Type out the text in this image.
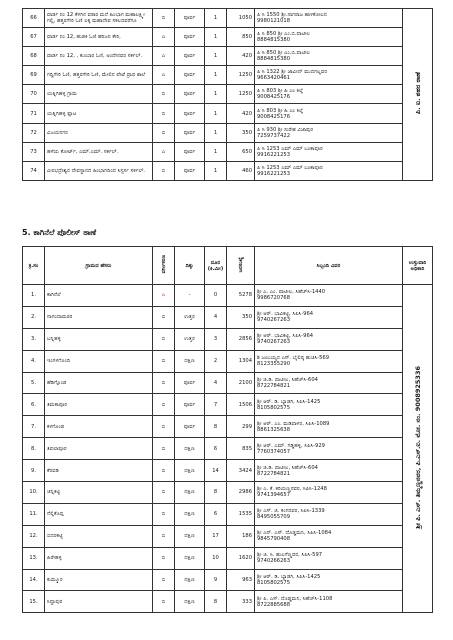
66	ವಾರ್ಡ ನಂ 12 ಕೆಳಗಿನ ವಠಾರ ಮನೆ ಹಿಂಭಾಗ ಮಹಾಲಕ್ಷ್ಮೀ ಗಲ್ಲಿ, ಹತ್ತರಗೇರಿ ಓಣಿ ಲಕ್ಕ ಮಹಾದೇವ ಸಕಲದವರೆಗೂ	ಬಿ	ಪೂರ್ವ	1	1050	ಪಿ ಸಿ 1550 ಶ್ರೀ.ನಾಗರಾಜ ಹಾಳಕೋಲದ
9980121018	ಪಿ. ಐ. ಶಹರ ಠಾಣೆ
67	ವಾರ್ಡ ನಂ 12, ಹುಡಕಿ ಓಣಿ ಹರಿಜನ ಕೇರಿ,	ಎ	ಪೂರ್ವ	1	850	ಪಿ ಸಿ 850 ಶ್ರೀ ಎಂ.ಬಿ.ಪಾಟೀಲ
8884815380	

68	ವಾರ್ಡ ನಂ 12, , ಕುಂಬಾರ ಓಣಿ, ಅಂದೇನವರ ಸರ್ಕಲ್.	ಎ	ಪೂರ್ವ	1	420	ಪಿ ಸಿ 850 ಶ್ರೀ ಎಂ.ಬಿ.ಪಾಟೀಲ
8884815380	

69	ಗದ್ದಿಗೇರಿ ಓಣಿ, ಹತ್ತರಗೇರಿ ಓಣಿ, ಮೇಲಿನ ಪೇಟೆ ಪ್ರಾಥ ಶಾಲೆ	ಎ	ಪೂರ್ವ	1	1250	ಪಿ ಸಿ 1322 ಶ್ರೀ ಜಾವೀದ್ ಮುದಗಲ್ಲವರ
9663420461	

70	ಯತ್ನಿಗಿಹಳ್ಳಿ ಗ್ರಾಮ	ಬಿ	ಪೂರ್ವ	1	1250	ಪಿ ಸಿ 803 ಶ್ರೀ ಹಿ ಎಂ ಕಿಲ್ಲೆ
9008425176	

71	ಯತ್ನಿಗಿಹಳ್ಳಿ ಪ್ಲಾಟ	ಬಿ	ಪೂರ್ವ	1	420	ಪಿ ಸಿ 803 ಶ್ರೀ ಹಿ ಎಂ ಕಿಲ್ಲೆ
9008425176	

72	ವಿಜಯನಗರ	ಬಿ	ಪೂರ್ವ	1	350	ಪಿ ಸಿ 930 ಶ್ರೀ ಸುರೇಶ ವಿಜಾಪುರ
7259737422	

73	ಹಳೆಯ ಕೋರ್ಟ್, ಎಮ್.ಎಮ್. ಸರ್ಕಲ್.	ಎ	ಪೂರ್ವ	1	650	ಪಿ ಸಿ 1253 ಎಮ್ ಎಮ್ ಬಂಕಾಪೂರ
9916221253	

74	ವೀರಭದ್ರೇಶ್ವರ ದೇವಸ್ಥಾನದ ಹಿಂಭಾಗದಿಂದ ಸಿಸ್ಟರ್ಸ ಸರ್ಕಲ್.	ಬಿ	ಪೂರ್ವ	1	460	ಪಿ ಸಿ 1253 ಎಮ್ ಎಮ್ ಬಂಕಾಪೂರ
9916221253	
5. ಕಾಗಿನೆಲೆ ಪೊಲೀಸ್ ಠಾಣೆ
ಕ್ರ.ಸಂ	ಗ್ರಾಮದ ಹೆಸರು	ವರ್ಗೀಕರಣ	ದಿಕ್ಕು	ದೂರ (ಕಿ.ಮೀ)	ಜನಸಂಖ್ಯೆ	ಸಿಬ್ಬಂದಿ ವಿವರ	ಉಸ್ತುವಾರಿ ಅಧಿಕಾರಿ
1.	ಕಾಗಿನೆಲೆ	ಎ	-	0	5278	ಶ್ರೀ ಎ. ಎಂ. ಪಾಟೀಲ, ಸಿಹೆಚ್‌ಸಿ-1440
9986720768	ಶ್ರೀ ಪಿ. ಎಸ್. ತಿಮ್ಮಣ್ಣನವರ, ಪಿ.ಎಸ್.ಐ. ಮೋ. ನಂ. 9008925336
2.	ನಾಗಂದಾಮಠರ	ಬಿ	ಉತ್ತರ	4	350	ಶ್ರೀ ಆರ್. ಭಾವಿಕಟ್ಟಿ, ಸಿಪಿಸಿ-964
9740267263	

3.	ಬನ್ನಿಹಳ್ಳಿ	ಬಿ	ಉತ್ತರ	3	2856	ಶ್ರೀ ಆರ್. ಭಾವಿಕಟ್ಟಿ, ಸಿಪಿಸಿ-964
9740267263	

4.	ಇಂಗಳಗೊಂದಿ	ಬಿ	ದಕ್ಷಿಣ	2	1304	ಶಿ ಜಂಬಯ್ಯನ ಎಸ್. ಬೈಲಿಷ್ಠ ಹುಚಿಸಿ-569
8123355290	

5.	ಹೆಡಿಗ್ಗೊಂಡ	ಬಿ	ಪೂರ್ವ	4	2100	ಶ್ರೀ ಜಿ.ಡಿ. ಪಾಟೀಲ, ಸಿಹೆಚ್‌ಸಿ-604
8722784821	

6.	ತಿಮಕಾಪೂರ	ಬಿ	ಪೂರ್ವ	7	1506	ಶ್ರೀ ಆರ್. ಡಿ. ಬ್ಯಾಡಗಿ, ಸಿಪಿಸಿ-1425
8105802575	

7.	ಕಳಗೊಂಡ	ಬಿ	ಪೂರ್ವ	8	299	ಶ್ರೀ ಆರ್. ಎಂ. ಮಡಿವಾಳರ, ಸಿಪಿಸಿ-1089
8861325638	

8.	ತಿಪಲಾಪೂರ	ಬಿ	ದಕ್ಷಿಣ	6	835	ಶ್ರೀ ಆರ್. ಎಮ್. ಗಡ್ಡಿಹಳ್ಳಿ, ಸಿಪಿಸಿ-929
7760374057	

9.	ಕೆರವಡಿ	ಬಿ	ದಕ್ಷಿಣ	14	3424	ಶ್ರೀ ಜಿ.ಡಿ. ಪಾಟೀಲ, ಸಿಹೆಚ್‌ಸಿ-604
8722784821	

10.	ಚಿನ್ನಿಕಟ್ಟಿ	ಬಿ	ದಕ್ಷಿಣ	8	2986	ಶ್ರೀ ಎ. ಕೆ. ಕರಿಯಣ್ಣನವರ, ಸಿಪಿಸಿ-1248
9741394657	

11.	ನೆಲ್ಲಿಕೊಪ್ಪ	ಬಿ	ದಕ್ಷಿಣ	6	1535	ಶ್ರೀ ಎಸ್. ಜಿ. ಕಂಗನವರ, ಸಿಪಿಸಿ-1339
8495055709	

12.	ಬಿದರಕಟ್ಟಿ	ಬಿ	ದಕ್ಷಿಣ	17	186	ಶ್ರೀ ಎನ್. ಎಸ್. ದೊಡ್ಡಮನಿ, ಸಿಪಿಸಿ-1084
9845790408	

13.	ಹಿರೇಹಳ್ಳಿ	ಬಿ	ದಕ್ಷಿಣ	10	1620	ಶ್ರೀ ಜಿ. ಸಿ. ಹುಲಗೆಣ್ಣವರ, ಸಿಪಿಸಿ-597
9740266263	

14.	ಕುಮ್ಮೂರ	ಬಿ	ದಕ್ಷಿಣ	9	963	ಶ್ರೀ ಆರ್. ಡಿ. ಬ್ಯಾಡಗಿ, ಸಿಪಿಸಿ-1425
8105802575	

15.	ಸಿದ್ದಾಪುರ	ಬಿ	ದಕ್ಷಿಣ	8	333	ಶ್ರೀ ಪಿ. ಎಸ್. ದೊಡ್ಡಮನಿ, ಸಿಹೆಚ್‌ಸಿ-1108
8722885688	
